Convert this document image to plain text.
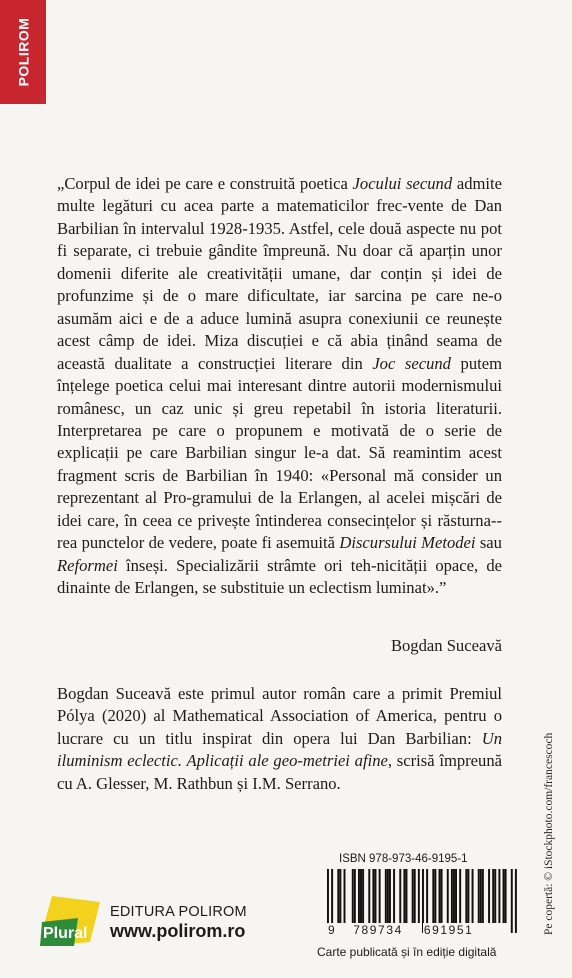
POLIROM

„Corpul de idei pe care e construită poetica Jocului secund admite multe legături cu acea parte a matematicilor frec-vente de Dan Barbilian în intervalul 1928-1935. Astfel, cele două aspecte nu pot fi separate, ci trebuie gândite împreună. Nu doar că aparțin unor domenii diferite ale creativității umane, dar conțin și idei de profunzime și de o mare dificultate, iar sarcina pe care ne-o asumăm aici e de a aduce lumină asupra conexiunii ce reunește acest câmp de idei. Miza discuției e că abia ținând seama de această dualitate a construcției literare din Joc secund putem înțelege poetica celui mai interesant dintre autorii modernismului românesc, un caz unic și greu repetabil în istoria literaturii. Interpretarea pe care o propunem e motivată de o serie de explicații pe care Barbilian singur le-a dat. Să reamintim acest fragment scris de Barbilian în 1940: «Personal mă consider un reprezentant al Pro-gramului de la Erlangen, al acelei mișcări de idei care, în ceea ce privește întinderea consecințelor și răsturna-rea punctelor de vedere, poate fi asemuită Discursului Metodei sau Reformei înseși. Specializării strâmte ori teh-nicității opace, de dinainte de Erlangen, se substituie un eclectism luminat».”

Bogdan Suceavă

Bogdan Suceavă este primul autor român care a primit Premiul Pólya (2020) al Mathematical Association of America, pentru o lucrare cu un titlu inspirat din opera lui Dan Barbilian: Un iluminism eclectic. Aplicații ale geo-metriei afine, scrisă împreună cu A. Glesser, M. Rathbun și I.M. Serrano.	Pe copertă: © iStockphoto.com/francescoch
Plural
EDITURA POLIROM
www.polirom.ro
ISBN 978-973-46-9195-1
9 789734 691951
Carte publicată și în ediție digitală
